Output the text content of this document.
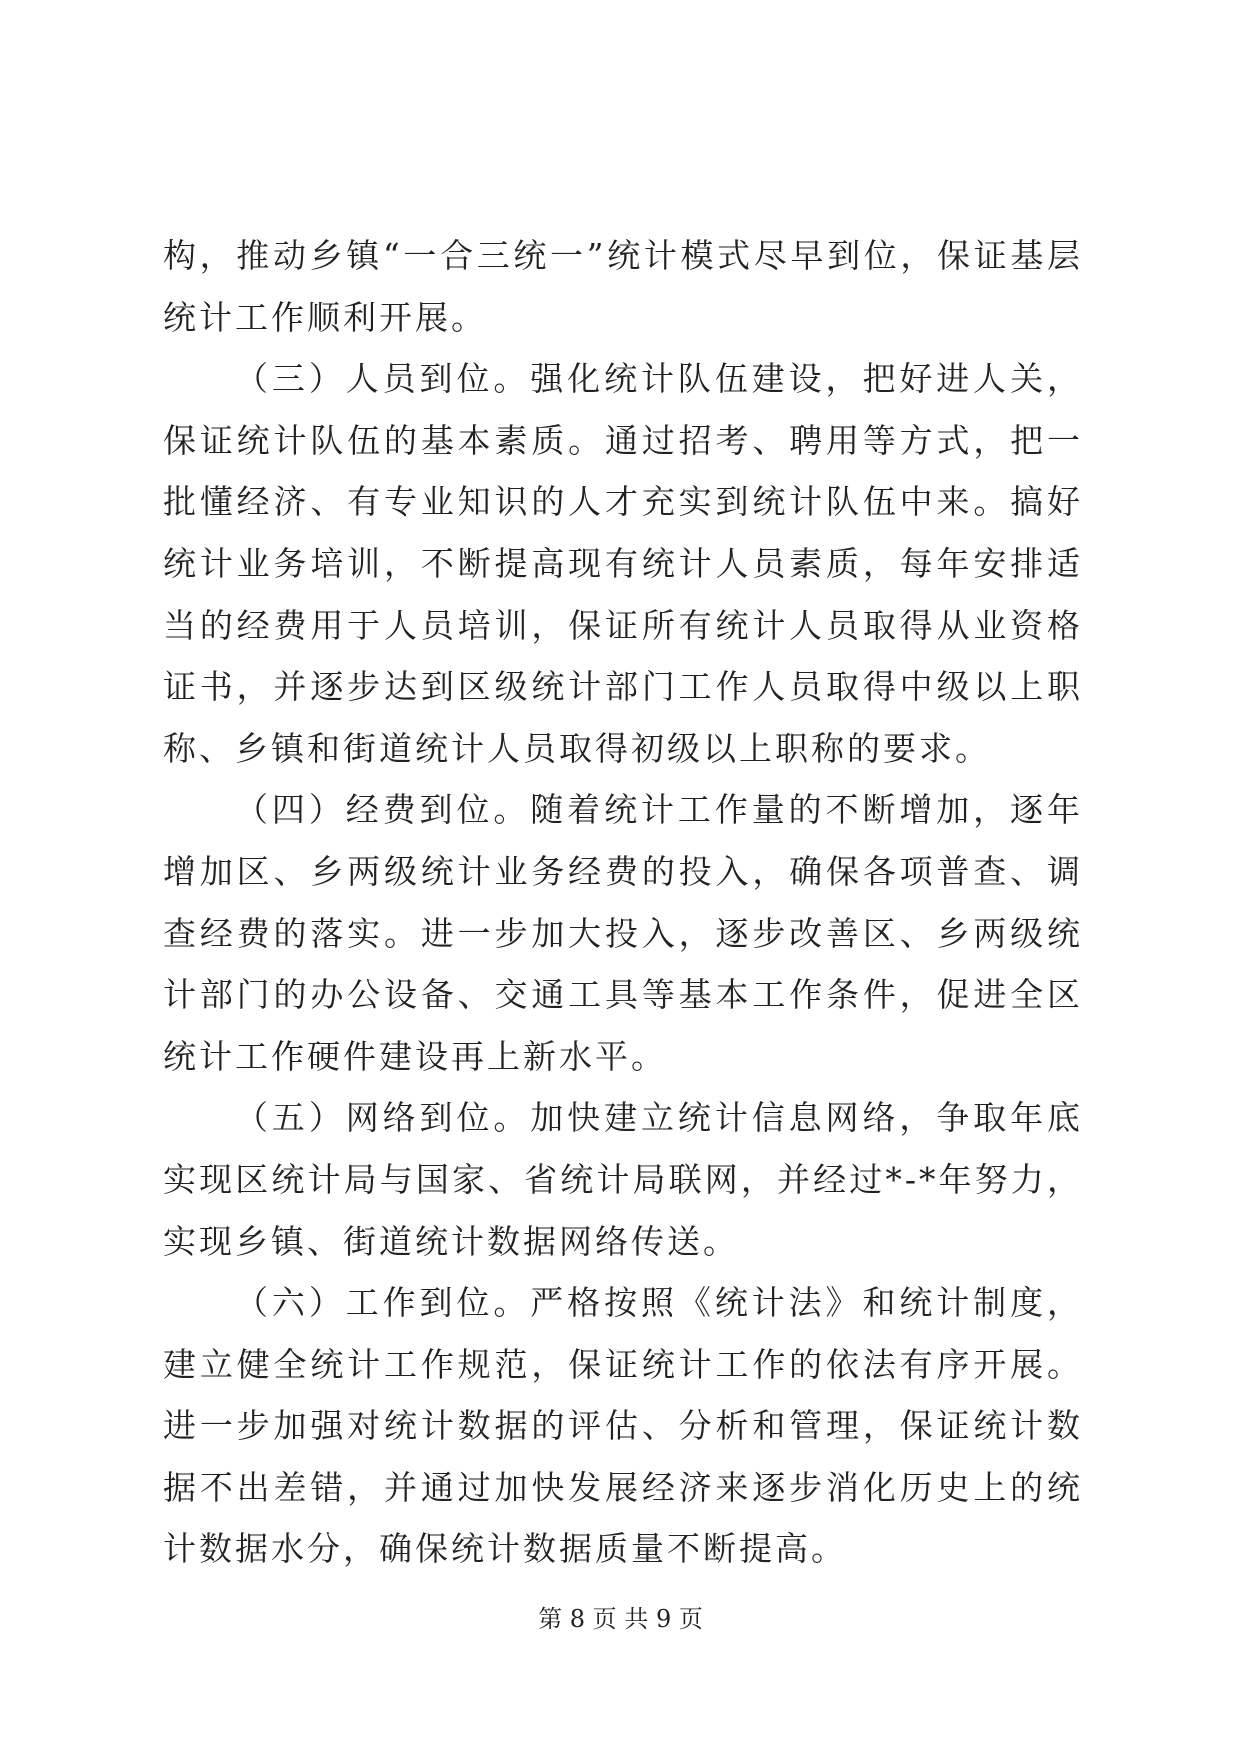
构，推动乡镇“一合三统一”统计模式尽早到位，保证基层统计工作顺利开展。

（三）人员到位。强化统计队伍建设，把好进人关，保证统计队伍的基本素质。通过招考、聘用等方式，把一批懂经济、有专业知识的人才充实到统计队伍中来。搞好统计业务培训，不断提高现有统计人员素质，每年安排适当的经费用于人员培训，保证所有统计人员取得从业资格证书，并逐步达到区级统计部门工作人员取得中级以上职称、乡镇和街道统计人员取得初级以上职称的要求。

（四）经费到位。随着统计工作量的不断增加，逐年增加区、乡两级统计业务经费的投入，确保各项普查、调查经费的落实。进一步加大投入，逐步改善区、乡两级统计部门的办公设备、交通工具等基本工作条件，促进全区统计工作硬件建设再上新水平。

（五）网络到位。加快建立统计信息网络，争取年底实现区统计局与国家、省统计局联网，并经过*-*年努力，实现乡镇、街道统计数据网络传送。

（六）工作到位。严格按照《统计法》和统计制度，建立健全统计工作规范，保证统计工作的依法有序开展。进一步加强对统计数据的评估、分析和管理，保证统计数据不出差错，并通过加快发展经济来逐步消化历史上的统计数据水分，确保统计数据质量不断提高。

第 8 页 共 9 页
